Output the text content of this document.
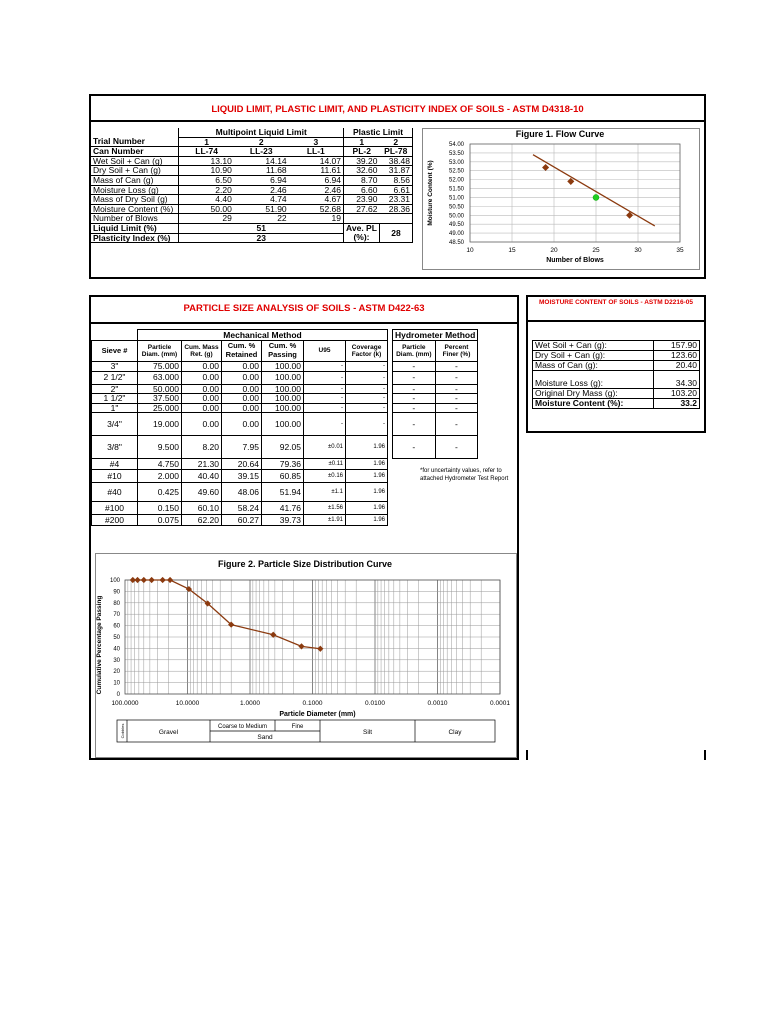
LIQUID LIMIT, PLASTIC LIMIT, AND PLASTICITY INDEX OF SOILS - ASTM D4318-10
	Multipoint Liquid Limit			Plastic Limit	
Trial Number	1	2	3	1	2
Can Number	LL-74	LL-23	LL-1	PL-2	PL-78
Wet Soil + Can (g)	13.10	14.14	14.07	39.20	38.48
Dry Soil + Can (g)	10.90	11.68	11.61	32.60	31.87
Mass of Can (g)	6.50	6.94	6.94	8.70	8.56
Moisture Loss (g)	2.20	2.46	2.46	6.60	6.61
Mass of Dry Soil (g)	4.40	4.74	4.67	23.90	23.31
Moisture Content (%)	50.00	51.90	52.68	27.62	28.36
Number of Blows	29	22	19		
Liquid Limit (%)	51			Ave. PL	28
Plasticity Index (%)	23			(%):	
Figure 1. Flow Curve
54.00
53.50
53.00
52.50
52.00
51.50
51.00
50.50
50.00
49.50
49.00
48.50
10	15	20	25	30	35
Number of Blows
Moisture Content (%)
PARTICLE SIZE ANALYSIS OF SOILS - ASTM D422-63
	Mechanical Method							Hydrometer Method	
Sieve #	Particle Diam. (mm)	Cum. Mass Ret. (g)	Cum. % Retained	Cum. % Passing	U95	Coverage Factor (k)		Particle Diam. (mm)	Percent Finer (%)
3"	75.000	0.00	0.00	100.00	-	-		-	-
2 1/2"	63.000	0.00	0.00	100.00	-	-		-	-
2"	50.000	0.00	0.00	100.00	-	-		-	-
1 1/2"	37.500	0.00	0.00	100.00	-	-		-	-
1"	25.000	0.00	0.00	100.00	-	-		-	-
3/4"	19.000	0.00	0.00	100.00	-	-		-	-
3/8"	9.500	8.20	7.95	92.05	±0.01	1.96		-	-
#4	4.750	21.30	20.64	79.36	±0.11	1.96			
#10	2.000	40.40	39.15	60.85	±0.16	1.96			
#40	0.425	49.60	48.06	51.94	±1.1	1.96			
#100	0.150	60.10	58.24	41.76	±1.56	1.96			
#200	0.075	62.20	60.27	39.73	±1.91	1.96			
*for uncertainty values, refer to attached Hydrometer Test Report
Figure 2. Particle Size Distribution Curve
0
10
20
30
40
50
60
70
80
90
100
100.0000	10.0000	1.0000	0.1000	0.0100	0.0010	0.0001
Particle Diameter (mm)
Cumulative Percentage Passing
Cobbles	Gravel
Coarse to Medium	Fine
Sand
Silt	Clay
MOISTURE CONTENT OF SOILS - ASTM D2216-05
Wet Soil + Can (g):	157.90
Dry Soil + Can (g):	123.60
Mass of Can (g):	20.40
Moisture Loss (g):	34.30
Original Dry Mass (g):	103.20
Moisture Content (%):	33.2
